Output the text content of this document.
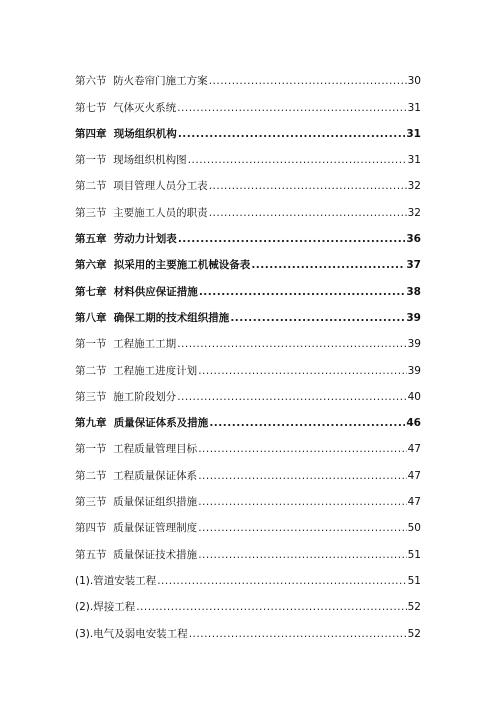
第六节  防火卷帘门施工方案 .....	30
第七节  气体灭火系统 .....	31
第四章  现场组织机构 .....	31
第一节  现场组织机构图 .....	31
第二节  项目管理人员分工表 .....	32
第三节  主要施工人员的职责 .....	32
第五章  劳动力计划表 .....	36
第六章  拟采用的主要施工机械设备表 .....	37
第七章  材料供应保证措施 .....	38
第八章  确保工期的技术组织措施 .....	39
第一节  工程施工工期 .....	39
第二节  工程施工进度计划 .....	39
第三节  施工阶段划分 .....	40
第九章  质量保证体系及措施 .....	46
第一节  工程质量管理目标 .....	47
第二节  工程质量保证体系 .....	47
第三节  质量保证组织措施 .....	47
第四节  质量保证管理制度 .....	50
第五节  质量保证技术措施 .....	51
(1).管道安装工程 .....	51
(2).焊接工程 .....	52
(3).电气及弱电安装工程 .....	52
